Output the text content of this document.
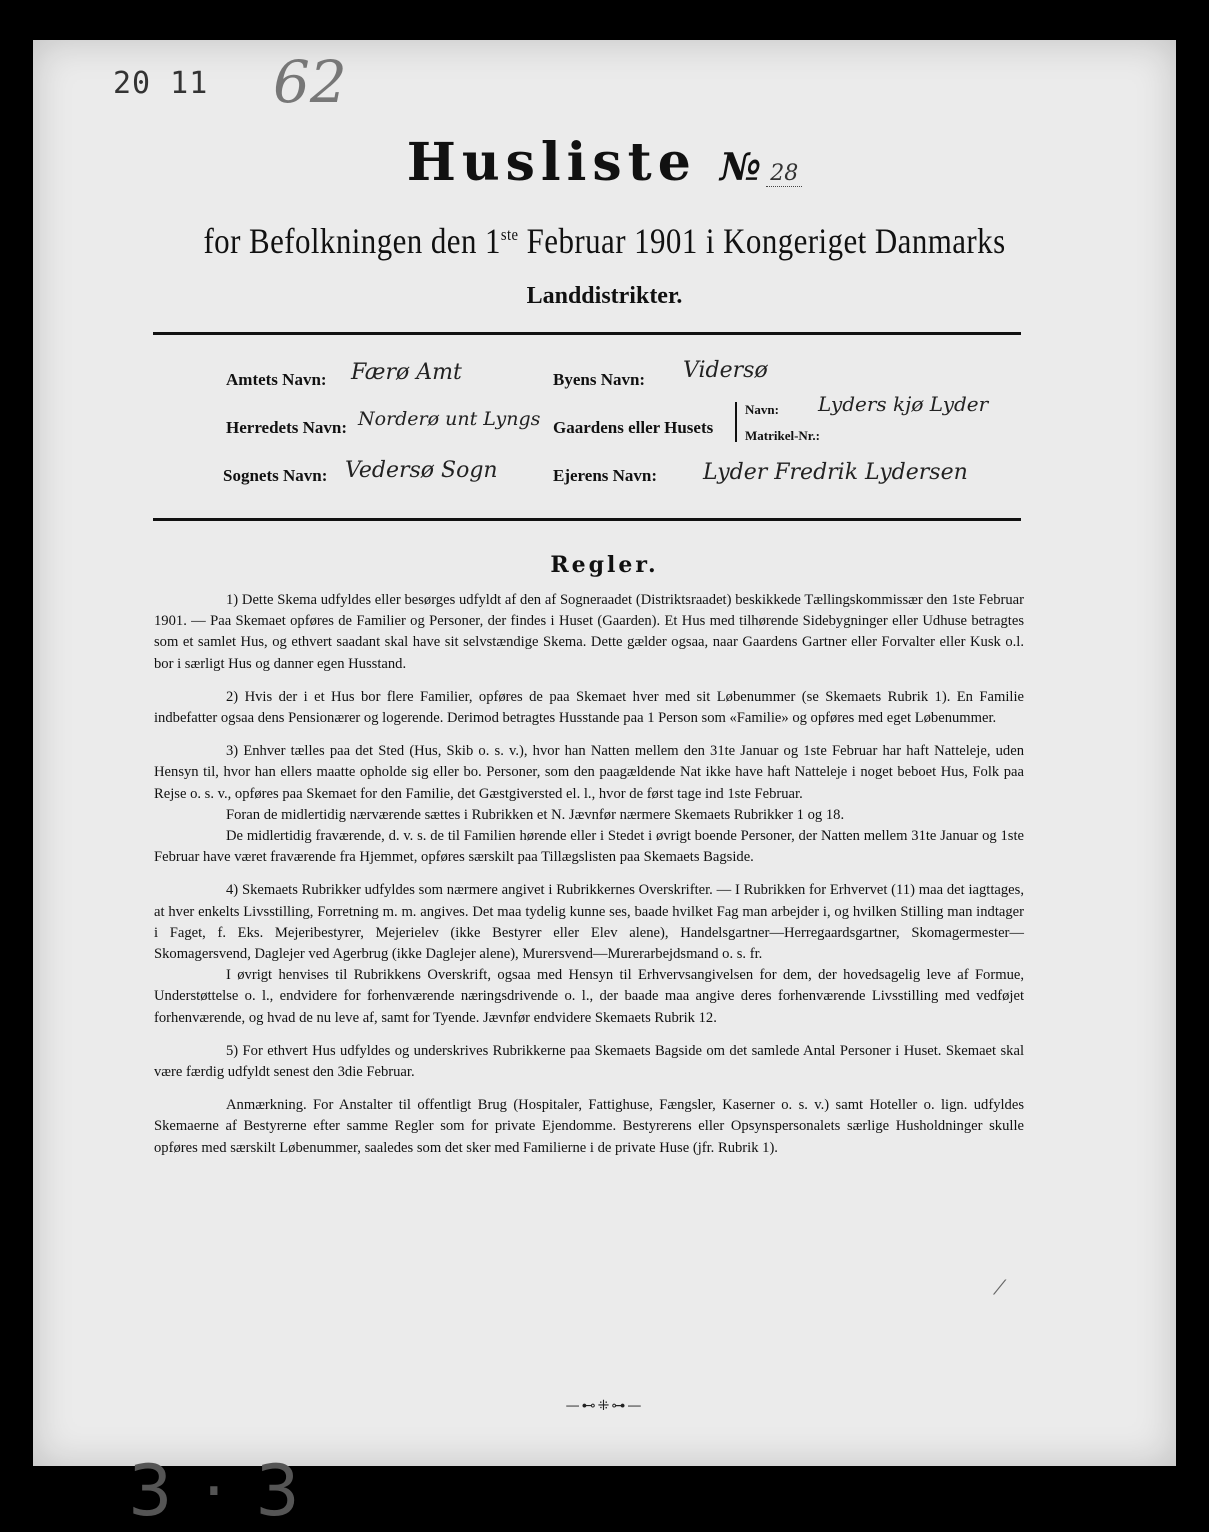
20 11 62
Husliste № 28
for Befolkningen den 1ste Februar 1901 i Kongeriget Danmarks
Landdistrikter.
Amtets Navn: Færø Amt	Byens Navn: Vidersø
Herredets Navn: Norderø unt Lyngs Gaardens eller Husets
Navn: Lyders kjø Lyder
Matrikel-Nr.:
Sognets Navn: Vedersø Sogn	Ejerens Navn: Lyder Fredrik Lydersen
Regler.

1) Dette Skema udfyldes eller besørges udfyldt af den af Sogneraadet (Distriktsraadet) beskikkede Tællingskommissær den 1ste Februar 1901. — Paa Skemaet opføres de Familier og Personer, der findes i Huset (Gaarden). Et Hus med tilhørende Sidebygninger eller Udhuse betragtes som et samlet Hus, og ethvert saadant skal have sit selvstændige Skema. Dette gælder ogsaa, naar Gaardens Gartner eller Forvalter eller Kusk o.l. bor i særligt Hus og danner egen Husstand.

2) Hvis der i et Hus bor flere Familier, opføres de paa Skemaet hver med sit Løbenummer (se Skemaets Rubrik 1). En Familie indbefatter ogsaa dens Pensionærer og logerende. Derimod betragtes Husstande paa 1 Person som «Familie» og opføres med eget Løbenummer.

3) Enhver tælles paa det Sted (Hus, Skib o. s. v.), hvor han Natten mellem den 31te Januar og 1ste Februar har haft Natteleje, uden Hensyn til, hvor han ellers maatte opholde sig eller bo. Personer, som den paagældende Nat ikke have haft Natteleje i noget beboet Hus, Folk paa Rejse o. s. v., opføres paa Skemaet for den Familie, det Gæstgiversted el. l., hvor de først tage ind 1ste Februar.

Foran de midlertidig nærværende sættes i Rubrikken et N. Jævnfør nærmere Skemaets Rubrikker 1 og 18.

De midlertidig fraværende, d. v. s. de til Familien hørende eller i Stedet i øvrigt boende Personer, der Natten mellem 31te Januar og 1ste Februar have været fraværende fra Hjemmet, opføres særskilt paa Tillægslisten paa Skemaets Bagside.

4) Skemaets Rubrikker udfyldes som nærmere angivet i Rubrikkernes Overskrifter. — I Rubrikken for Erhvervet (11) maa det iagttages, at hver enkelts Livsstilling, Forretning m. m. angives. Det maa tydelig kunne ses, baade hvilket Fag man arbejder i, og hvilken Stilling man indtager i Faget, f. Eks. Mejeribestyrer, Mejerielev (ikke Bestyrer eller Elev alene), Handelsgartner—Herregaardsgartner, Skomagermester—Skomagersvend, Daglejer ved Agerbrug (ikke Daglejer alene), Murersvend—Murerarbejdsmand o. s. fr.

I øvrigt henvises til Rubrikkens Overskrift, ogsaa med Hensyn til Erhvervsangivelsen for dem, der hovedsagelig leve af Formue, Understøttelse o. l., endvidere for forhenværende næringsdrivende o. l., der baade maa angive deres forhenværende Livsstilling med vedføjet forhenværende, og hvad de nu leve af, samt for Tyende. Jævnfør endvidere Skemaets Rubrik 12.

5) For ethvert Hus udfyldes og underskrives Rubrikkerne paa Skemaets Bagside om det samlede Antal Personer i Huset. Skemaet skal være færdig udfyldt senest den 3die Februar.

Anmærkning. For Anstalter til offentligt Brug (Hospitaler, Fattighuse, Fængsler, Kaserner o. s. v.) samt Hoteller o. lign. udfyldes Skemaerne af Bestyrerne efter samme Regler som for private Ejendomme. Bestyrerens eller Opsynspersonalets særlige Husholdninger skulle opføres med særskilt Løbenummer, saaledes som det sker med Familierne i de private Huse (jfr. Rubrik 1).

⁄
—⊷⁜⊶—
3 · 3
